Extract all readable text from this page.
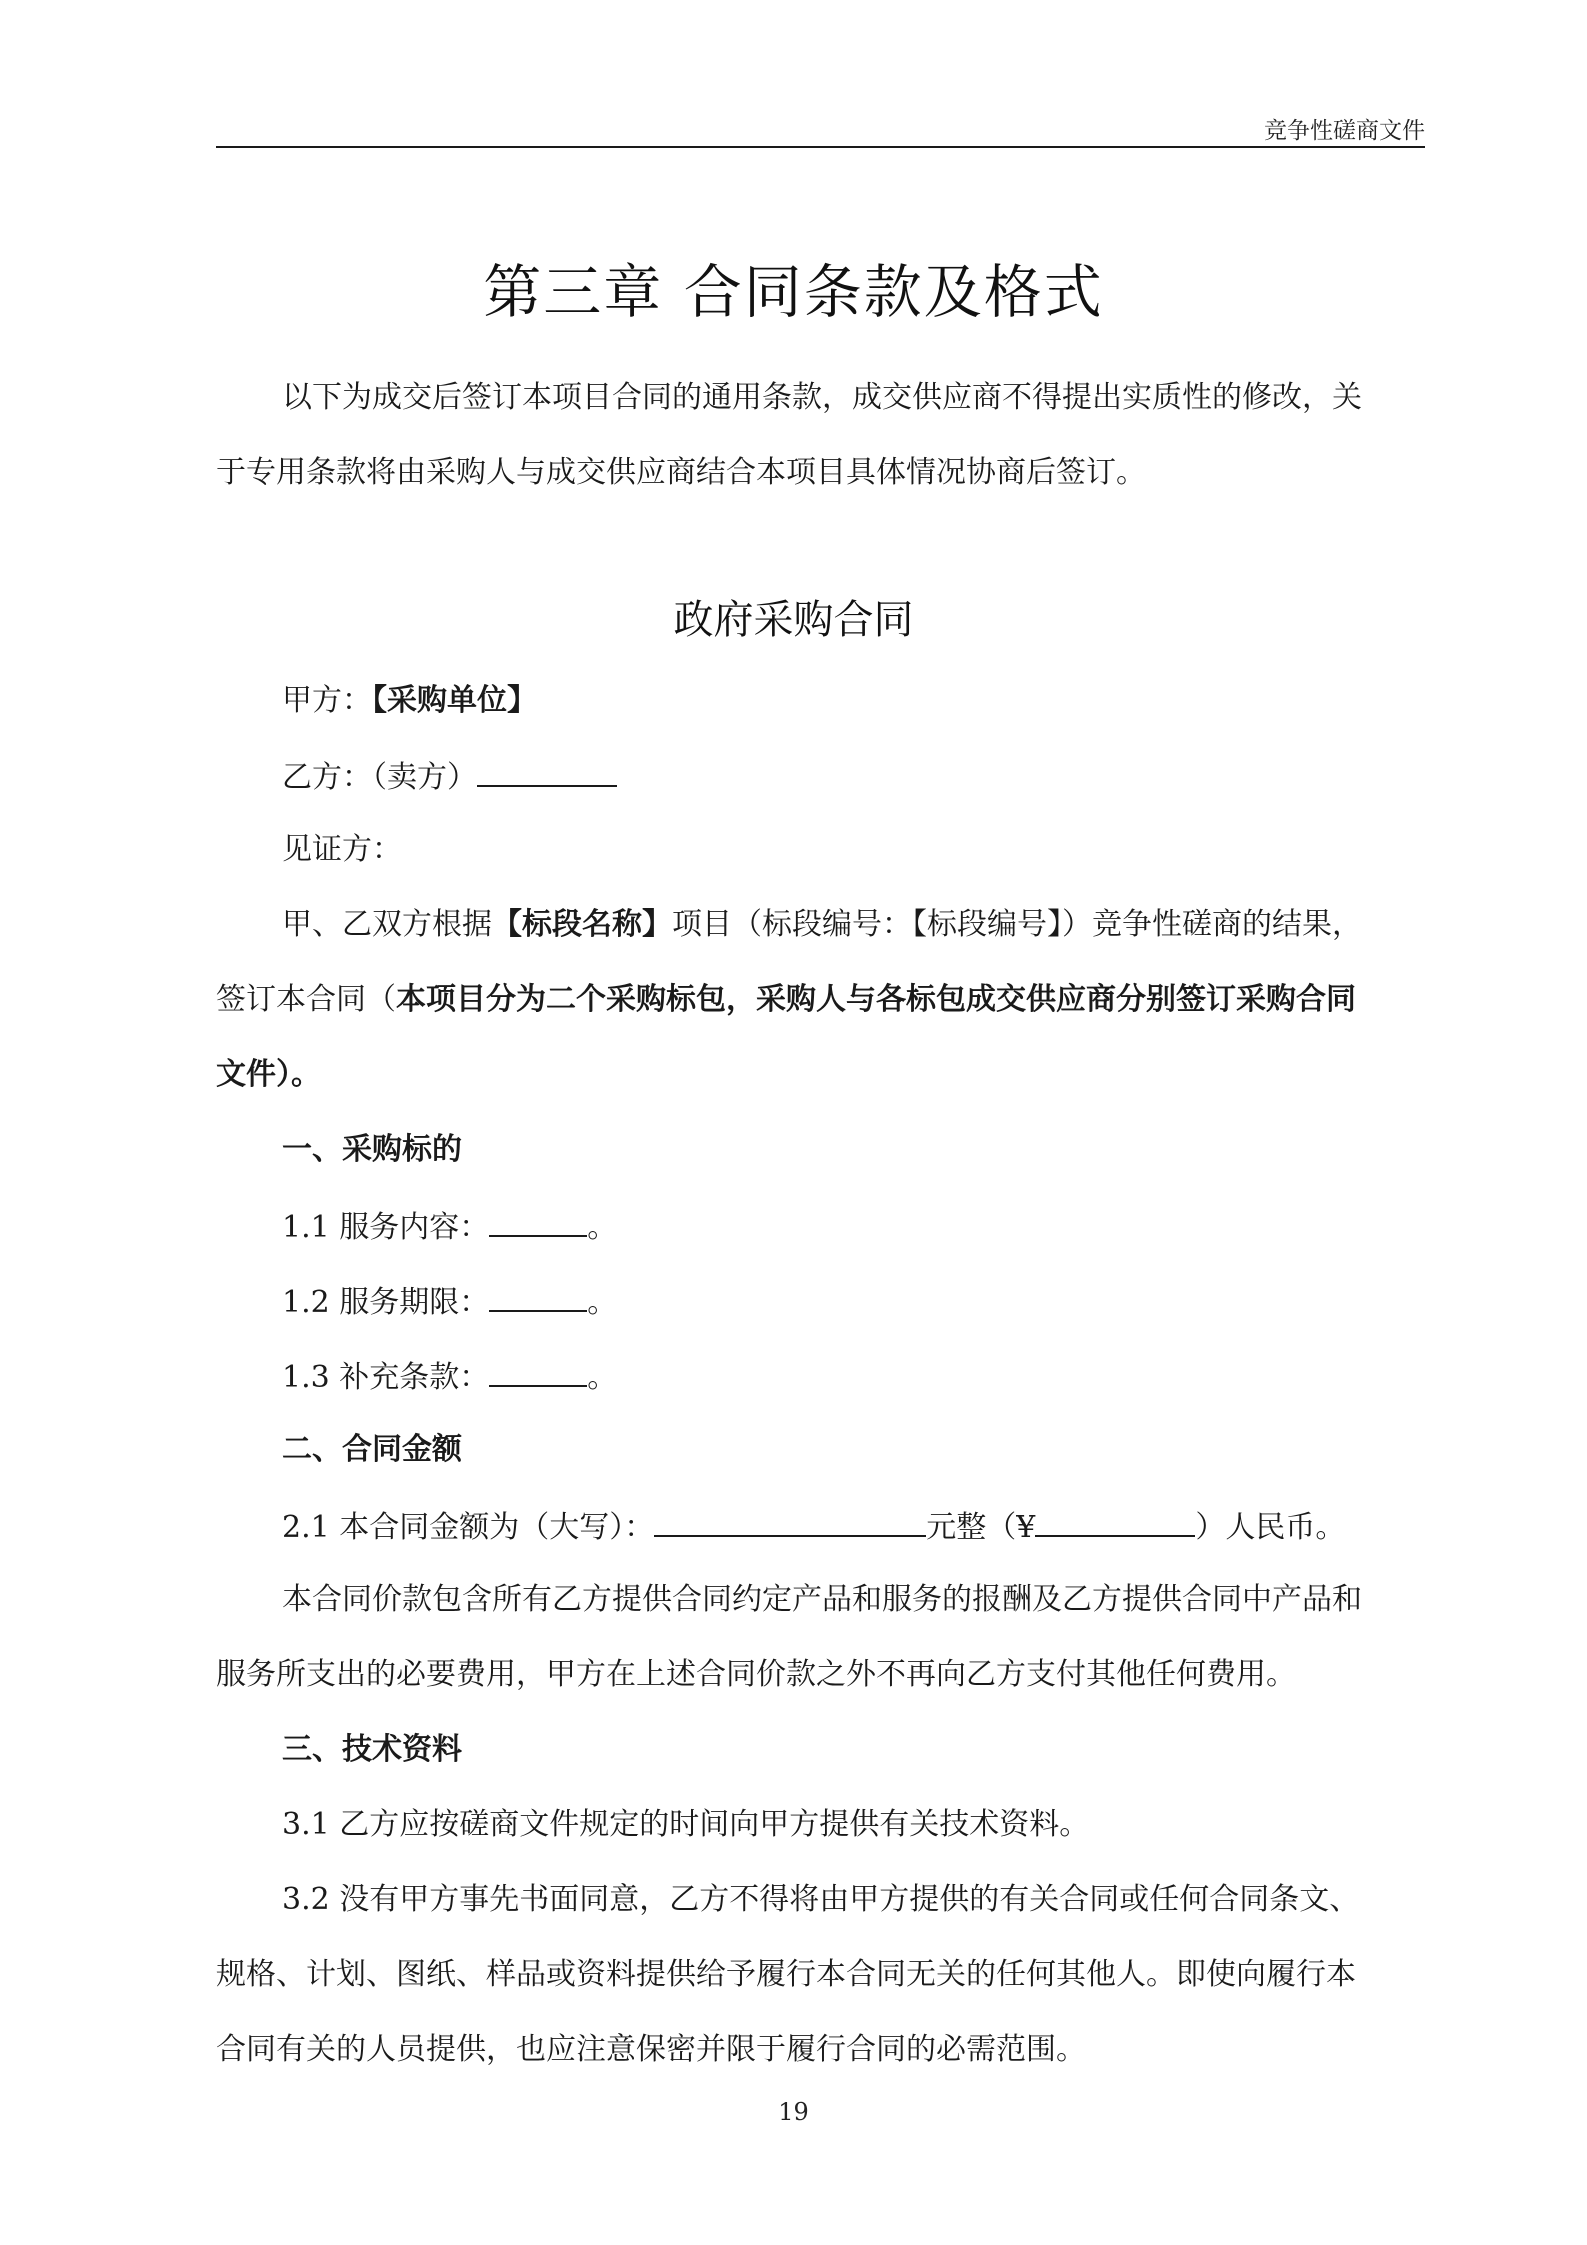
竞争性磋商文件
第三章 合同条款及格式
以下为成交后签订本项目合同的通用条款，成交供应商不得提出实质性的修改，关
于专用条款将由采购人与成交供应商结合本项目具体情况协商后签订。
政府采购合同
甲方：【采购单位】
乙方：（卖方）
见证方：
甲、乙双方根据【标段名称】项目（标段编号：【标段编号】）竞争性磋商的结果，
签订本合同（本项目分为二个采购标包，采购人与各标包成交供应商分别签订采购合同
文件）。
一、采购标的
1.1 服务内容：	。
1.2 服务期限：	。
1.3 补充条款：	。
二、合同金额
2.1 本合同金额为（大写）：	元整（¥	）人民币。
本合同价款包含所有乙方提供合同约定产品和服务的报酬及乙方提供合同中产品和
服务所支出的必要费用，甲方在上述合同价款之外不再向乙方支付其他任何费用。
三、技术资料
3.1 乙方应按磋商文件规定的时间向甲方提供有关技术资料。
3.2 没有甲方事先书面同意，乙方不得将由甲方提供的有关合同或任何合同条文、
规格、计划、图纸、样品或资料提供给予履行本合同无关的任何其他人。即使向履行本
合同有关的人员提供，也应注意保密并限于履行合同的必需范围。
19
